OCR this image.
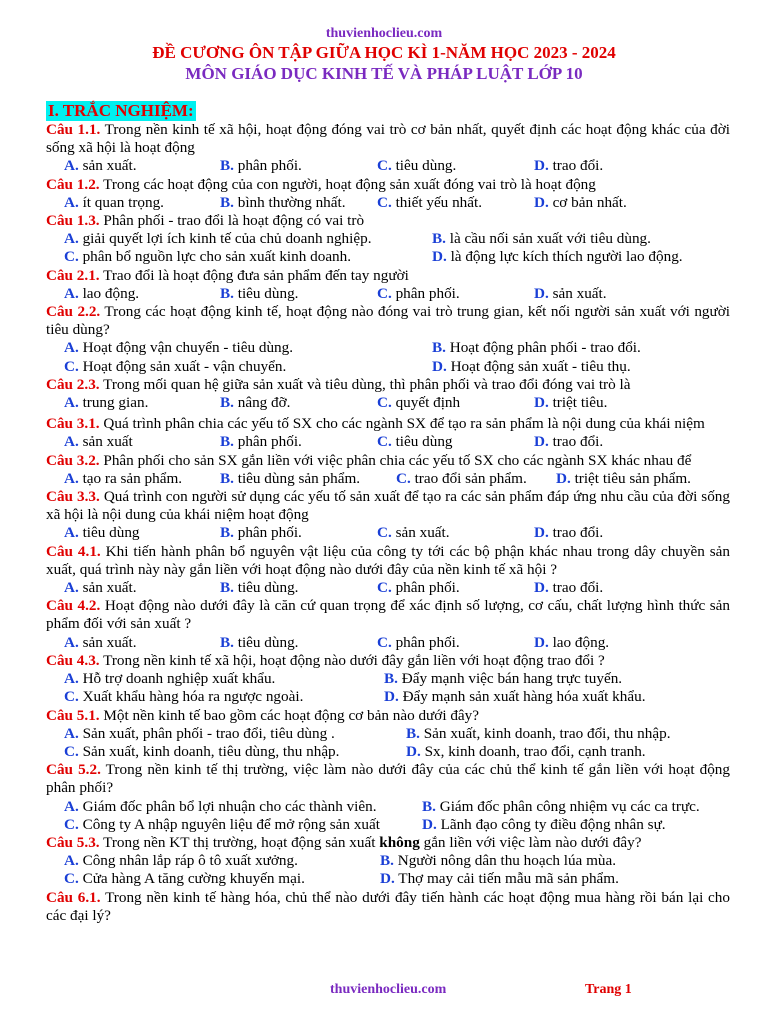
thuvienhoclieu.com
ĐỀ CƯƠNG ÔN TẬP GIỮA HỌC KÌ 1-NĂM HỌC 2023 - 2024
MÔN GIÁO DỤC KINH TẾ VÀ PHÁP LUẬT LỚP 10
I. TRẮC NGHIỆM:

Câu 1.1. Trong nền kinh tế xã hội, hoạt động đóng vai trò cơ bản nhất, quyết định các hoạt động khác của đời sống xã hội là hoạt động

A. sản xuất.	B. phân phối.	C. tiêu dùng.	D. trao đổi.

Câu 1.2. Trong các hoạt động của con người, hoạt động sản xuất đóng vai trò là hoạt động

A. ít quan trọng.	B. bình thường nhất.	C. thiết yếu nhất.	D. cơ bản nhất.

Câu 1.3. Phân phối - trao đổi là hoạt động có vai trò

A. giải quyết lợi ích kinh tế của chủ doanh nghiệp.	B. là cầu nối sản xuất với tiêu dùng.
C. phân bổ nguồn lực cho sản xuất kinh doanh.	D. là động lực kích thích người lao động.

Câu 2.1. Trao đổi là hoạt động đưa sản phẩm đến tay người

A. lao động.	B. tiêu dùng.	C. phân phối.	D. sản xuất.

Câu 2.2. Trong các hoạt động kinh tế, hoạt động nào đóng vai trò trung gian, kết nối người sản xuất với người tiêu dùng?

A. Hoạt động vận chuyển - tiêu dùng.	B. Hoạt động phân phối - trao đổi.
C. Hoạt động sản xuất - vận chuyển.	D. Hoạt động sản xuất - tiêu thụ.

Câu 2.3. Trong mối quan hệ giữa sản xuất và tiêu dùng, thì phân phối và trao đổi đóng vai trò là

A. trung gian.	B. nâng đỡ.	C. quyết định	D. triệt tiêu.

Câu 3.1. Quá trình phân chia các yếu tố SX cho các ngành SX để tạo ra sản phẩm là nội dung của khái niệm

A. sản xuất	B. phân phối.	C. tiêu dùng	D. trao đổi.

Câu 3.2. Phân phối cho sản SX gắn liền với việc phân chia các yếu tố SX cho các ngành SX khác nhau để

A. tạo ra sản phẩm.	B. tiêu dùng sản phẩm.	C. trao đổi sản phẩm.	D. triệt tiêu sản phẩm.

Câu 3.3. Quá trình con người sử dụng các yếu tố sản xuất để tạo ra các sản phẩm đáp ứng nhu cầu của đời sống xã hội là nội dung của khái niệm hoạt động

A. tiêu dùng	B. phân phối.	C. sản xuất.	D. trao đổi.

Câu 4.1. Khi tiến hành phân bổ nguyên vật liệu của công ty tới các bộ phận khác nhau trong dây chuyền sản xuất, quá trình này này gắn liền với hoạt động nào dưới đây của nền kinh tế xã hội ?

A. sản xuất.	B. tiêu dùng.	C. phân phối.	D. trao đổi.

Câu 4.2. Hoạt động nào dưới đây là căn cứ quan trọng để xác định số lượng, cơ cấu, chất lượng hình thức sản phẩm đối với sản xuất ?

A. sản xuất.	B. tiêu dùng.	C. phân phối.	D. lao động.

Câu 4.3. Trong nền kinh tế xã hội, hoạt động nào dưới đây gắn liền với hoạt động trao đổi ?

A. Hỗ trợ doanh nghiệp xuất khẩu.	B. Đẩy mạnh việc bán hang trực tuyến.
C. Xuất khẩu hàng hóa ra ngược ngoài.	D. Đẩy mạnh sản xuất hàng hóa xuất khẩu.

Câu 5.1. Một nền kinh tế bao gồm các hoạt động cơ bản nào dưới đây?

A. Sản xuất, phân phối - trao đổi, tiêu dùng .	B. Sản xuất, kinh doanh, trao đổi, thu nhập.
C. Sản xuất, kinh doanh, tiêu dùng, thu nhập.	D. Sx, kinh doanh, trao đổi, cạnh tranh.

Câu 5.2. Trong nền kinh tế thị trường, việc làm nào dưới đây của các chủ thể kinh tế gắn liền với hoạt động phân phối?

A. Giám đốc phân bổ lợi nhuận cho các thành viên.	B. Giám đốc phân công nhiệm vụ các ca trực.
C. Công ty A nhập nguyên liệu để mở rộng sản xuất	D. Lãnh đạo công ty điều động nhân sự.

Câu 5.3. Trong nền KT thị trường, hoạt động sản xuất không gắn liền với việc làm nào dưới đây?

A. Công nhân lắp ráp ô tô xuất xưởng.	B. Người nông dân thu hoạch lúa mùa.
C. Cửa hàng A tăng cường khuyến mại.	D. Thợ may cải tiến mẫu mã sản phẩm.

Câu 6.1. Trong nền kinh tế hàng hóa, chủ thể nào dưới đây tiến hành các hoạt động mua hàng rồi bán lại cho các đại lý?

thuvienhoclieu.com	Trang 1
